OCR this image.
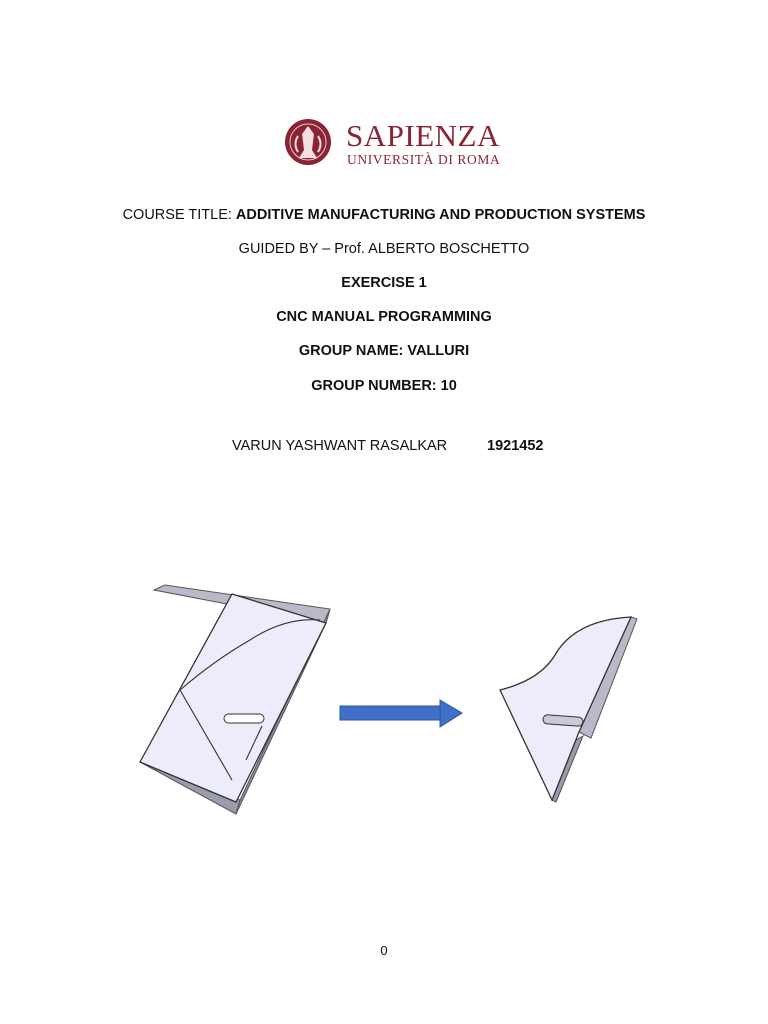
SAPIENZA
UNIVERSITÀ DI ROMA
COURSE TITLE: ADDITIVE MANUFACTURING AND PRODUCTION SYSTEMS
GUIDED BY – Prof. ALBERTO BOSCHETTO
EXERCISE 1
CNC MANUAL PROGRAMMING
GROUP NAME: VALLURI
GROUP NUMBER: 10
VARUN YASHWANT RASALKAR	1921452
0
